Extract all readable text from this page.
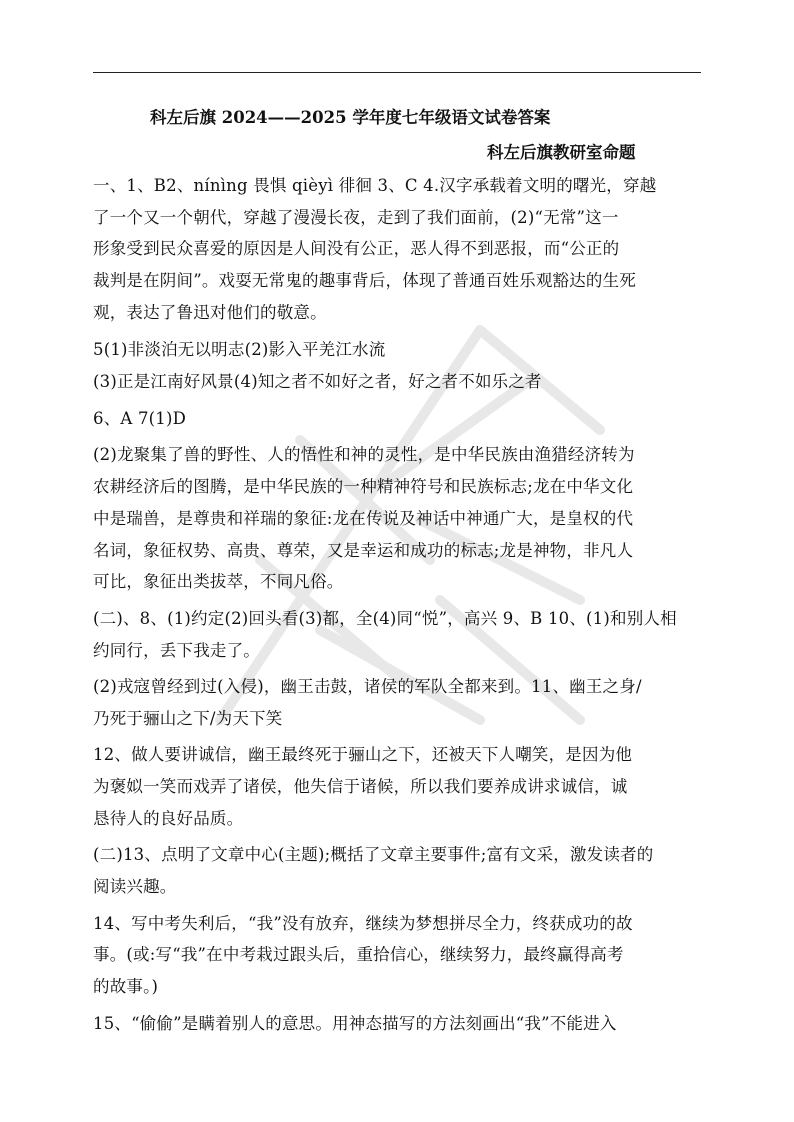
科左后旗 2024——2025 学年度七年级语文试卷答案
科左后旗教研室命题
一、1、B2、nínìng 畏惧 qièyì 徘徊 3、C 4.汉字承载着文明的曙光，穿越
了一个又一个朝代，穿越了漫漫长夜，走到了我们面前，(2)“无常”这一
形象受到民众喜爱的原因是人间没有公正，恶人得不到恶报，而“公正的
裁判是在阴间”。戏耍无常鬼的趣事背后，体现了普通百姓乐观豁达的生死
观，表达了鲁迅对他们的敬意。
5(1)非淡泊无以明志(2)影入平羌江水流
(3)正是江南好风景(4)知之者不如好之者，好之者不如乐之者
6、A 7(1)D
(2)龙聚集了兽的野性、人的悟性和神的灵性，是中华民族由渔猎经济转为
农耕经济后的图腾，是中华民族的一种精神符号和民族标志;龙在中华文化
中是瑞兽，是尊贵和祥瑞的象征:龙在传说及神话中神通广大，是皇权的代
名词，象征权势、高贵、尊荣，又是幸运和成功的标志;龙是神物，非凡人
可比，象征出类拔萃，不同凡俗。
(二)、8、(1)约定(2)回头看(3)都，全(4)同“悦”，高兴 9、B 10、(1)和别人相
约同行，丢下我走了。
(2)戎寇曾经到过(入侵)，幽王击鼓，诸侯的军队全都来到。11、幽王之身/
乃死于骊山之下/为天下笑
12、做人要讲诚信，幽王最终死于骊山之下，还被天下人嘲笑，是因为他
为褒姒一笑而戏弄了诸侯，他失信于诸候，所以我们要养成讲求诚信，诚
恳待人的良好品质。
(二)13、点明了文章中心(主题);概括了文章主要事件;富有文采，激发读者的
阅读兴趣。
14、写中考失利后，“我”没有放弃，继续为梦想拼尽全力，终获成功的故
事。(或:写“我”在中考栽过跟头后，重拾信心，继续努力，最终赢得高考
的故事。)
15、“偷偷”是瞒着别人的意思。用神态描写的方法刻画出“我”不能进入
